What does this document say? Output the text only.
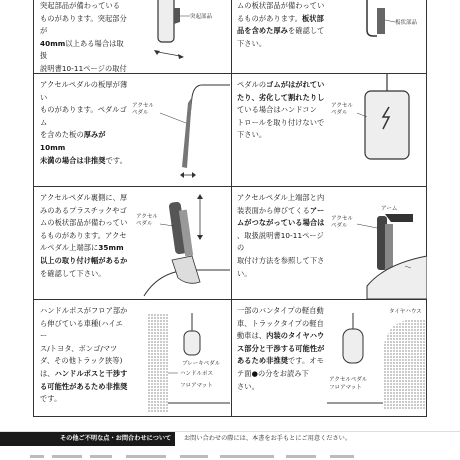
突起部品が備わっている
ものがあります。突起部分が
40mm以上ある場合は取扱
説明書10-11ページの取付
突起部品
ムの板状部品が備わってい
るものがあります。板状部
品を含めた厚みを確認して
下さい。
板状部品
アクセルペダルの板厚が薄い
ものがあります。ペダルゴム
を含めた板の厚みが10mm
未満の場合は非推奨です。
アクセル
ペダル
ペダルのゴムがはがれてい
たり、劣化して割れたりし
ている場合はハンドコン
トロールを取り付けないで
下さい。
アクセル
ペダル
アクセルペダル裏側に、厚
みのあるプラスチックやゴ
ムの板状部品が備わってい
るものがあります。アクセ
ルペダル上端部に35mm
以上の取り付け幅があるか
を確認して下さい。
アクセル
ペダル
アクセルペダル上端部と内
装表面から伸びてくるアー
ムがつながっている場合は
、取扱説明書10-11ページの
取付け方法を参照して下さ
い。
アーム
アクセル
ペダル
ハンドルポスがフロア部か
ら伸びている車種(ハイエー
ス/トヨタ、ボンゴ/マツ
ダ、その他トラック狭等)
は、ハンドルポスと干渉す
る可能性があるため非推奨
です。
ブレーキペダル
ハンドルポス
フロアマット
一部のバンタイプの軽自動
車、トラックタイプの軽自
動車は、内装のタイヤハウ
ス部分と干渉する可能性が
あるため非推奨です。オモ
テ面●の分をお読み下
さい。
タイヤハウス
アクセルペダル
フロアマット
その他ご不明な点・お問合わせについて	お問い合わせの際には、本書をお手もとにご用意ください。
